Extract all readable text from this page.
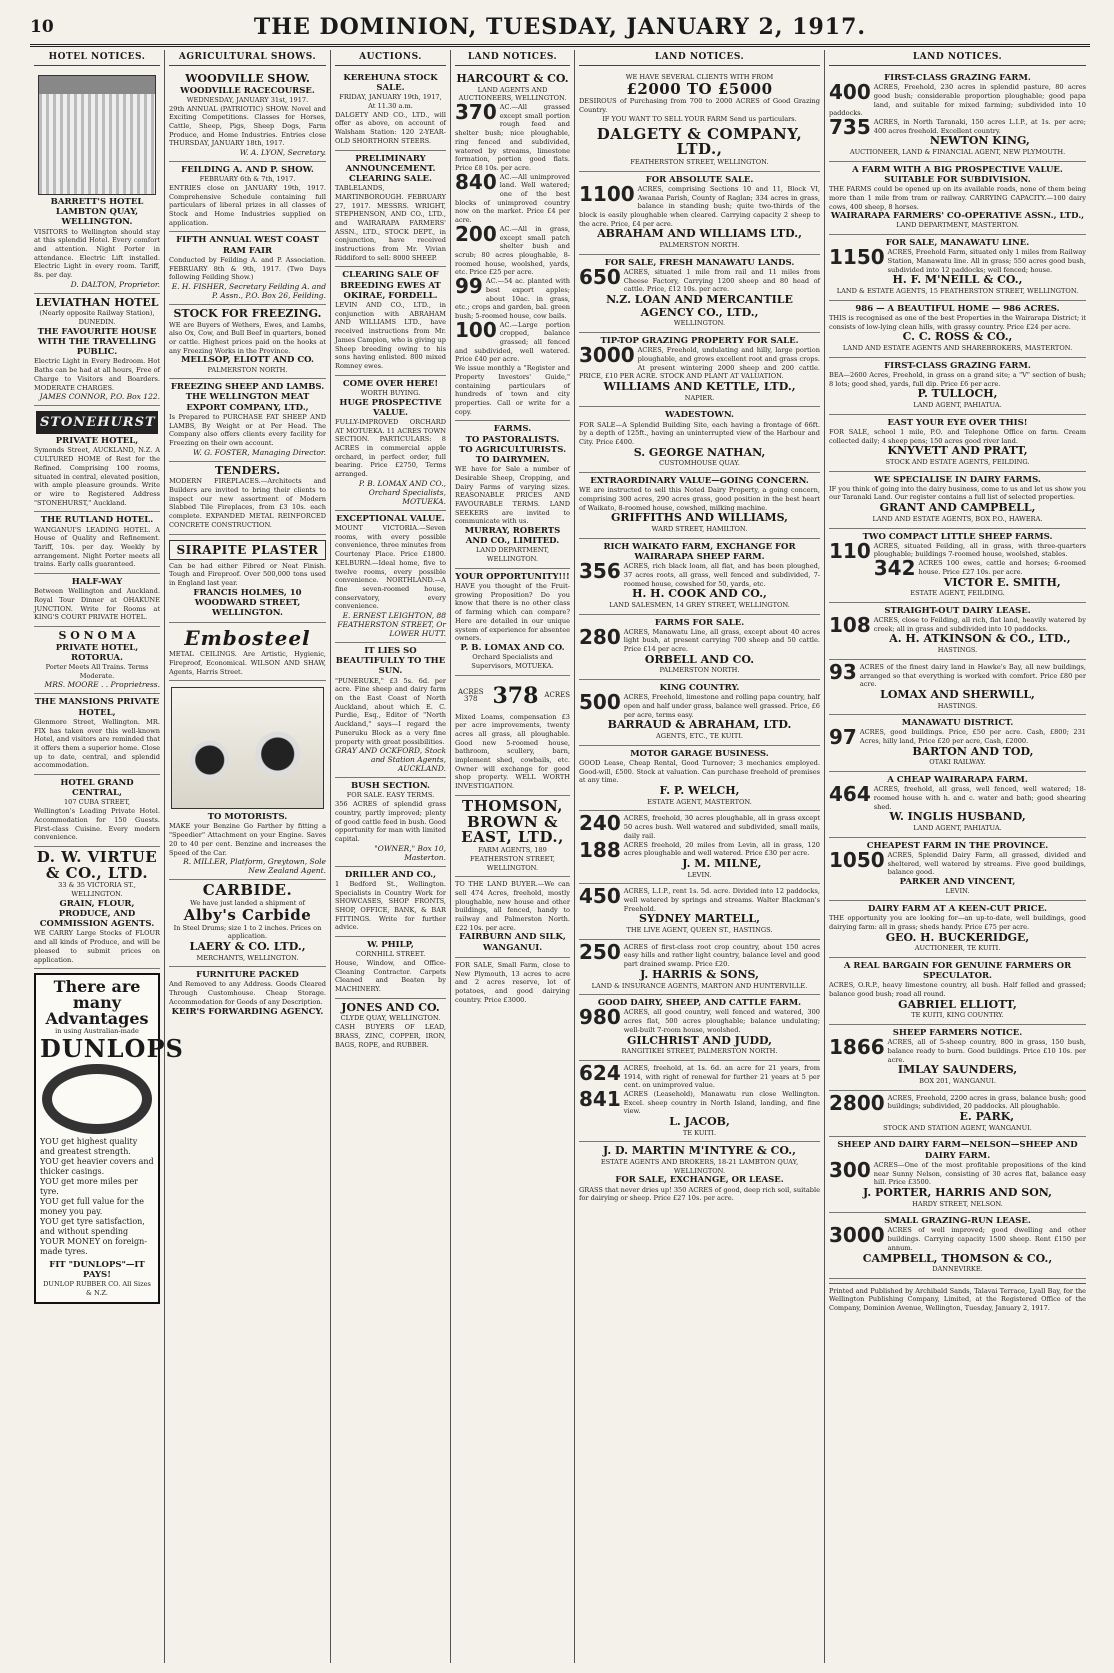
10	THE DOMINION, TUESDAY, JANUARY 2, 1917.
HOTEL NOTICES.
BARRETT'S HOTEL
LAMBTON QUAY, WELLINGTON.
VISITORS to Wellington should stay at this splendid Hotel. Every comfort and attention. Night Porter in attendance. Electric Lift installed. Electric Light in every room. Tariff, 8s. per day.
D. DALTON, Proprietor.
LEVIATHAN HOTEL
(Nearly opposite Railway Station), DUNEDIN.
THE FAVOURITE HOUSE WITH THE TRAVELLING PUBLIC.
Electric Light in Every Bedroom. Hot Baths can be had at all hours, Free of Charge to Visitors and Boarders. MODERATE CHARGES.
JAMES CONNOR, P.O. Box 122.
STONEHURST
PRIVATE HOTEL,
Symonds Street, AUCKLAND, N.Z. A CULTURED HOME of Rest for the Refined. Comprising 100 rooms, situated in central, elevated position, with ample pleasure grounds. Write or wire to Registered Address "STONEHURST," Auckland.
THE RUTLAND HOTEL.
WANGANUI'S LEADING HOTEL. A House of Quality and Refinement. Tariff, 10s. per day. Weekly by arrangement. Night Porter meets all trains. Early calls guaranteed.
HALF-WAY
Between Wellington and Auckland. Royal Tour Dinner at OHAKUNE JUNCTION. Write for Rooms at KING'S COURT PRIVATE HOTEL.
S O N O M A
PRIVATE HOTEL, ROTORUA.
Porter Meets All Trains. Terms Moderate.
MRS. MOORE . . Proprietress.
THE MANSIONS PRIVATE HOTEL,
Glenmore Street, Wellington. MR. FIX has taken over this well-known Hotel, and visitors are reminded that it offers them a superior home. Close up to date, central, and splendid accommodation.
HOTEL GRAND CENTRAL,
107 CUBA STREET,
Wellington's Leading Private Hotel. Accommodation for 150 Guests. First-class Cuisine. Every modern convenience.
D. W. VIRTUE & CO., LTD.
33 & 35 VICTORIA ST., WELLINGTON.
GRAIN, FLOUR, PRODUCE, AND COMMISSION AGENTS.
WE CARRY Large Stocks of FLOUR and all kinds of Produce, and will be pleased to submit prices on application.
There are many Advantages
in using Australian-made
DUNLOPS
YOU get highest quality and greatest strength.
YOU get heavier covers and thicker casings.
YOU get more miles per tyre.
YOU get full value for the money you pay.
YOU get tyre satisfaction, and without spending YOUR MONEY on foreign-made tyres.
FIT "DUNLOPS"—IT PAYS!
DUNLOP RUBBER CO. All Sizes & N.Z.
AGRICULTURAL SHOWS.
WOODVILLE SHOW.
WOODVILLE RACECOURSE.
WEDNESDAY, JANUARY 31st, 1917.
29th ANNUAL (PATRIOTIC) SHOW. Novel and Exciting Competitions. Classes for Horses, Cattle, Sheep, Pigs, Sheep Dogs, Farm Produce, and Home Industries. Entries close THURSDAY, JANUARY 18th, 1917.
W. A. LYON, Secretary.
FEILDING A. AND P. SHOW.
FEBRUARY 6th & 7th, 1917.
ENTRIES close on JANUARY 19th, 1917. Comprehensive Schedule containing full particulars of liberal prizes in all classes of Stock and Home Industries supplied on application.
FIFTH ANNUAL WEST COAST RAM FAIR
Conducted by Feilding A. and P. Association. FEBRUARY 8th & 9th, 1917. (Two Days following Feilding Show.)
E. H. FISHER, Secretary Feilding A. and P. Assn., P.O. Box 26, Feilding.
STOCK FOR FREEZING.
WE are Buyers of Wethers, Ewes, and Lambs, also Ox, Cow, and Bull Beef in quarters, boned or cattle. Highest prices paid on the hooks at any Freezing Works in the Province.
MELLSOP, ELIOTT AND CO.
PALMERSTON NORTH.
FREEZING SHEEP AND LAMBS.
THE WELLINGTON MEAT EXPORT COMPANY, LTD.,
Is Prepared to PURCHASE FAT SHEEP AND LAMBS, By Weight or at Per Head. The Company also offers clients every facility for Freezing on their own account.
W. G. FOSTER, Managing Director.
TENDERS.
MODERN FIREPLACES.—Architects and Builders are invited to bring their clients to inspect our new assortment of Modern Slabbed Tile Fireplaces, from £3 10s. each complete. EXPANDED METAL REINFORCED CONCRETE CONSTRUCTION.
SIRAPITE PLASTER
Can be had either Fibred or Neat Finish. Tough and Fireproof. Over 500,000 tons used in England last year.
FRANCIS HOLMES, 10 WOODWARD STREET, WELLINGTON.
Embosteel
METAL CEILINGS. Are Artistic, Hygienic, Fireproof, Economical. WILSON AND SHAW, Agents, Harris Street.
TO MOTORISTS.
MAKE your Benzine Go Farther by fitting a "Speedier" Attachment on your Engine. Saves 20 to 40 per cent. Benzine and increases the Speed of the Car.
R. MILLER, Platform, Greytown, Sole New Zealand Agent.
CARBIDE.
We have just landed a shipment of
Alby's Carbide
In Steel Drums; size 1 to 2 inches. Prices on application.
LAERY & CO. LTD.,
MERCHANTS, WELLINGTON.
FURNITURE PACKED
And Removed to any Address. Goods Cleared Through Customhouse. Cheap Storage. Accommodation for Goods of any Description.
KEIR'S FORWARDING AGENCY.
AUCTIONS.
KEREHUNA STOCK SALE.
FRIDAY, JANUARY 19th, 1917, At 11.30 a.m.
DALGETY AND CO., LTD., will offer as above, on account of Walsham Station: 120 2-YEAR-OLD SHORTHORN STEERS.
PRELIMINARY ANNOUNCEMENT.
CLEARING SALE.
TABLELANDS, MARTINBOROUGH. FEBRUARY 27, 1917. MESSRS. WRIGHT, STEPHENSON, AND CO., LTD., and WAIRARAPA FARMERS' ASSN., LTD., STOCK DEPT., in conjunction, have received instructions from Mr. Vivian Riddiford to sell: 8000 SHEEP.
CLEARING SALE OF BREEDING EWES AT OKIRAE, FORDELL.
LEVIN AND CO., LTD., in conjunction with ABRAHAM AND WILLIAMS LTD., have received instructions from Mr. James Campion, who is giving up Sheep breeding owing to his sons having enlisted. 800 mixed Romney ewes.
COME OVER HERE!
WORTH BUYING.
HUGE PROSPECTIVE VALUE.
FULLY-IMPROVED ORCHARD AT MOTUEKA. 11 ACRES TOWN SECTION. PARTICULARS: 8 ACRES in commercial apple orchard, in perfect order, full bearing. Price £2750, Terms arranged.
P. B. LOMAX AND CO., Orchard Specialists, MOTUEKA.
EXCEPTIONAL VALUE.
MOUNT VICTORIA.—Seven rooms, with every possible convenience, three minutes from Courtenay Place. Price £1800. KELBURN.—Ideal home, five to twelve rooms, every possible convenience. NORTHLAND.—A fine seven-roomed house, conservatory, every convenience.
E. ERNEST LEIGHTON, 88 FEATHERSTON STREET, Or LOWER HUTT.
IT LIES SO BEAUTIFULLY TO THE SUN.
"PUNERUKE," £3 5s. 6d. per acre. Fine sheep and dairy farm on the East Coast of North Auckland, about which E. C. Purdie, Esq., Editor of "North Auckland," says—I regard the Puneruku Block as a very fine property with great possibilities.
GRAY AND OCKFORD, Stock and Station Agents, AUCKLAND.
BUSH SECTION.
FOR SALE. EASY TERMS.
356 ACRES of splendid grass country, partly improved; plenty of good cattle feed in bush. Good opportunity for man with limited capital.
"OWNER," Box 10, Masterton.
DRILLER AND CO.,
1 Bedford St., Wellington. Specialists in Country Work for SHOWCASES, SHOP FRONTS, SHOP, OFFICE, BANK, & BAR FITTINGS. Write for further advice.
W. PHILP,
CORNHILL STREET.
House, Window, and Office-Cleaning Contractor. Carpets Cleaned and Beaten by MACHINERY.
JONES AND CO.
CLYDE QUAY, WELLINGTON.
CASH BUYERS OF LEAD, BRASS, ZINC, COPPER, IRON, BAGS, ROPE, and RUBBER.
LAND NOTICES.
HARCOURT & CO.
LAND AGENTS AND AUCTIONEERS, WELLINGTON.
370 AC.—All grassed except small portion rough feed and shelter bush; nice ploughable, ring fenced and subdivided, watered by streams, limestone formation, portion good flats. Price £8 10s. per acre.
840 AC.—All unimproved land. Well watered; one of the best blocks of unimproved country now on the market. Price £4 per acre.
200 AC.—All in grass, except small patch shelter bush and scrub; 80 acres ploughable, 8-roomed house, woolshed, yards, etc. Price £25 per acre.
99 AC.—54 ac. planted with best export apples; about 10ac. in grass, etc.; crops and garden, bal. green bush; 5-roomed house, cow bails.
100 AC.—Large portion cropped, balance grassed; all fenced and subdivided, well watered. Price £40 per acre.
We issue monthly a "Register and Property Investors' Guide," containing particulars of hundreds of town and city properties. Call or write for a copy.
FARMS.
TO PASTORALISTS.
TO AGRICULTURISTS.
TO DAIRYMEN.
WE have for Sale a number of Desirable Sheep, Cropping, and Dairy Farms of varying sizes. REASONABLE PRICES AND FAVOURABLE TERMS. LAND SEEKERS are invited to communicate with us.
MURRAY, ROBERTS AND CO., LIMITED.
LAND DEPARTMENT, WELLINGTON.
YOUR OPPORTUNITY!!!
HAVE you thought of the Fruit-growing Proposition? Do you know that there is no other class of farming which can compare? Here are detailed in our unique system of experience for absentee owners.
P. B. LOMAX AND CO.
Orchard Specialists and Supervisors, MOTUEKA.
ACRES 378 378 ACRES
Mixed Loams, compensation £3 per acre improvements, twenty acres all grass, all ploughable. Good new 5-roomed house, bathroom, scullery, barn, implement shed, cowbails, etc. Owner will exchange for good shop property. WELL WORTH INVESTIGATION.
THOMSON, BROWN & EAST, LTD.,
FARM AGENTS, 189 FEATHERSTON STREET, WELLINGTON.
TO THE LAND BUYER.—We can sell 474 Acres, freehold, mostly ploughable, new house and other buildings, all fenced, handy to railway and Palmerston North. £22 10s. per acre.
FAIRBURN AND SILK, WANGANUI.
FOR SALE, Small Farm, close to New Plymouth, 13 acres to acre and 2 acres reserve, lot of potatoes, and good dairying country. Price £3000.
LAND NOTICES.
WE HAVE SEVERAL CLIENTS WITH FROM
£2000 TO £5000
DESIROUS of Purchasing from 700 to 2000 ACRES of Good Grazing Country.
IF YOU WANT TO SELL YOUR FARM Send us particulars.
DALGETY & COMPANY, LTD.,
FEATHERSTON STREET, WELLINGTON.
FOR ABSOLUTE SALE.
1100 ACRES, comprising Sections 10 and 11, Block VI, Awanaa Parish, County of Raglan; 334 acres in grass, balance in standing bush; quite two-thirds of the block is easily ploughable when cleared. Carrying capacity 2 sheep to the acre. Price, £4 per acre.
ABRAHAM AND WILLIAMS LTD.,
PALMERSTON NORTH.
FOR SALE, FRESH MANAWATU LANDS.
650 ACRES, situated 1 mile from rail and 11 miles from Cheese Factory, Carrying 1200 sheep and 80 head of cattle. Price, £12 10s. per acre.
N.Z. LOAN AND MERCANTILE AGENCY CO., LTD.,
WELLINGTON.
TIP-TOP GRAZING PROPERTY FOR SALE.
3000 ACRES, Freehold, undulating and hilly, large portion ploughable, and grows excellent root and grass crops. At present wintering 2000 sheep and 200 cattle. PRICE, £10 PER ACRE. STOCK AND PLANT AT VALUATION.
WILLIAMS AND KETTLE, LTD.,
NAPIER.
WADESTOWN.
FOR SALE—A Splendid Building Site, each having a frontage of 66ft. by a depth of 125ft., having an uninterrupted view of the Harbour and City. Price £400.
S. GEORGE NATHAN,
CUSTOMHOUSE QUAY.
EXTRAORDINARY VALUE—GOING CONCERN.
WE are instructed to sell this Noted Dairy Property, a going concern, comprising 300 acres, 290 acres grass, good position in the best heart of Waikato, 8-roomed house, cowshed, milking machine.
GRIFFITHS AND WILLIAMS,
WARD STREET, HAMILTON.
RICH WAIKATO FARM, EXCHANGE FOR WAIRARAPA SHEEP FARM.
356 ACRES, rich black loam, all flat, and has been ploughed, 37 acres roots, all grass, well fenced and subdivided, 7-roomed house, cowshed for 50, yards, etc.
H. H. COOK AND CO.,
LAND SALESMEN, 14 GREY STREET, WELLINGTON.
FARMS FOR SALE.
280 ACRES, Manawatu Line, all grass, except about 40 acres light bush, at present carrying 700 sheep and 50 cattle. Price £14 per acre.
ORBELL AND CO.
PALMERSTON NORTH.
KING COUNTRY.
500 ACRES, Freehold, limestone and rolling papa country, half open and half under grass, balance well grassed. Price, £6 per acre, terms easy.
BARRAUD & ABRAHAM, LTD.
AGENTS, ETC., TE KUITI.
MOTOR GARAGE BUSINESS.
GOOD Lease, Cheap Rental, Good Turnover; 3 mechanics employed. Good-will, £500. Stock at valuation. Can purchase freehold of premises at any time.
F. P. WELCH,
ESTATE AGENT, MASTERTON.
240 ACRES, freehold, 30 acres ploughable, all in grass except 50 acres bush. Well watered and subdivided, small mails, daily rail.
188 ACRES freehold, 20 miles from Levin, all in grass, 120 acres ploughable and well watered. Price £30 per acre.
J. M. MILNE,
LEVIN.
450 ACRES, L.I.P., rent 1s. 5d. acre. Divided into 12 paddocks, well watered by springs and streams. Walter Blackman's Freehold.
SYDNEY MARTELL,
THE LIVE AGENT, QUEEN ST., HASTINGS.
250 ACRES of first-class root crop country, about 150 acres easy hills and rather light country, balance level and good part drained swamp. Price £20.
J. HARRIS & SONS,
LAND & INSURANCE AGENTS, MARTON AND HUNTERVILLE.
GOOD DAIRY, SHEEP, AND CATTLE FARM.
980 ACRES, all good country, well fenced and watered, 300 acres flat, 500 acres ploughable; balance undulating; well-built 7-room house, woolshed.
GILCHRIST AND JUDD,
RANGITIKEI STREET, PALMERSTON NORTH.
624 ACRES, freehold, at 1s. 6d. an acre for 21 years, from 1914, with right of renewal for further 21 years at 5 per cent. on unimproved value.
841 ACRES (Leasehold), Manawatu run close Wellington. Excel. sheep country in North Island, landing, and fine view.
L. JACOB,
TE KUITI.
J. D. MARTIN M'INTYRE & CO.,
ESTATE AGENTS AND BROKERS, 18-21 LAMBTON QUAY, WELLINGTON.
FOR SALE, EXCHANGE, OR LEASE.
GRASS that never dries up! 350 ACRES of good, deep rich soil, suitable for dairying or sheep. Price £27 10s. per acre.
LAND NOTICES.
FIRST-CLASS GRAZING FARM.
400 ACRES, Freehold, 230 acres in splendid pasture, 80 acres good bush; considerable proportion ploughable; good papa land, and suitable for mixed farming; subdivided into 10 paddocks.
735 ACRES, in North Taranaki, 150 acres L.I.P., at 1s. per acre; 400 acres freehold. Excellent country.
NEWTON KING,
AUCTIONEER, LAND & FINANCIAL AGENT, NEW PLYMOUTH.
A FARM WITH A BIG PROSPECTIVE VALUE. SUITABLE FOR SUBDIVISION.
THE FARMS could be opened up on its available roads, none of them being more than 1 mile from tram or railway. CARRYING CAPACITY.—100 dairy cows, 400 sheep, 8 horses.
WAIRARAPA FARMERS' CO-OPERATIVE ASSN., LTD.,
LAND DEPARTMENT, MASTERTON.
FOR SALE, MANAWATU LINE.
1150 ACRES, Freehold Farm, situated only 1 miles from Railway Station, Manawatu line. All in grass; 550 acres good bush, subdivided into 12 paddocks; well fenced; house.
H. F. M'NEILL & CO.,
LAND & ESTATE AGENTS, 15 FEATHERSTON STREET, WELLINGTON.
986 — A BEAUTIFUL HOME — 986 ACRES.
THIS is recognised as one of the best Properties in the Wairarapa District; it consists of low-lying clean hills, with grassy country. Price £24 per acre.
C. C. ROSS & CO.,
LAND AND ESTATE AGENTS AND SHAREBROKERS, MASTERTON.
FIRST-CLASS GRAZING FARM.
BEA—2600 Acres, Freehold, in grass on a grand site; a "V" section of bush; 8 lots; good shed, yards, full dip. Price £6 per acre.
P. TULLOCH,
LAND AGENT, PAHIATUA.
EAST YOUR EYE OVER THIS!
FOR SALE, school 1 mile, P.O. and Telephone Office on farm. Cream collected daily; 4 sheep pens; 150 acres good river land.
KNYVETT AND PRATT,
STOCK AND ESTATE AGENTS, FEILDING.
WE SPECIALISE IN DAIRY FARMS.
IF you think of going into the dairy business, come to us and let us show you our Taranaki Land. Our register contains a full list of selected properties.
GRANT AND CAMPBELL,
LAND AND ESTATE AGENTS, BOX P.O., HAWERA.
TWO COMPACT LITTLE SHEEP FARMS.
110 ACRES, situated Feilding, all in grass, with three-quarters ploughable; buildings 7-roomed house, woolshed, stables.
342 ACRES 100 ewes, cattle and horses; 6-roomed house. Price £27 10s. per acre.
VICTOR E. SMITH,
ESTATE AGENT, FEILDING.
STRAIGHT-OUT DAIRY LEASE.
108 ACRES, close to Feilding, all rich, flat land, heavily watered by creek; all in grass and subdivided into 10 paddocks.
A. H. ATKINSON & CO., LTD.,
HASTINGS.
93 ACRES of the finest dairy land in Hawke's Bay, all new buildings, arranged so that everything is worked with comfort. Price £80 per acre.
LOMAX AND SHERWILL,
HASTINGS.
MANAWATU DISTRICT.
97 ACRES, good buildings. Price, £50 per acre. Cash, £800; 231 Acres, hilly land, Price £20 per acre, Cash, £2000.
BARTON AND TOD,
OTAKI RAILWAY.
A CHEAP WAIRARAPA FARM.
464 ACRES, freehold, all grass, well fenced, well watered; 18-roomed house with h. and c. water and bath; good shearing shed.
W. INGLIS HUSBAND,
LAND AGENT, PAHIATUA.
CHEAPEST FARM IN THE PROVINCE.
1050 ACRES, Splendid Dairy Farm, all grassed, divided and sheltered, well watered by streams. Five good buildings, balance good.
PARKER AND VINCENT,
LEVIN.
DAIRY FARM AT A KEEN-CUT PRICE.
THE opportunity you are looking for—an up-to-date, well buildings, good dairying farm: all in grass; sheds handy. Price £75 per acre.
GEO. H. BUCKERIDGE,
AUCTIONEER, TE KUITI.
A REAL BARGAIN FOR GENUINE FARMERS OR SPECULATOR.
ACRES, O.R.P., heavy limestone country, all bush. Half felled and grassed; balance good bush; road all round.
GABRIEL ELLIOTT,
TE KUITI, KING COUNTRY.
SHEEP FARMERS NOTICE.
1866 ACRES, all of 5-sheep country, 800 in grass, 150 bush, balance ready to burn. Good buildings. Price £10 10s. per acre.
IMLAY SAUNDERS,
BOX 201, WANGANUI.
2800 ACRES, Freehold, 2200 acres in grass, balance bush; good buildings; subdivided, 20 paddocks. All ploughable.
E. PARK,
STOCK AND STATION AGENT, WANGANUI.
SHEEP AND DAIRY FARM—NELSON—SHEEP AND DAIRY FARM.
300 ACRES—One of the most profitable propositions of the kind near Sunny Nelson, consisting of 30 acres flat, balance easy hill. Price £3500.
J. PORTER, HARRIS AND SON,
HARDY STREET, NELSON.
SMALL GRAZING-RUN LEASE.
3000 ACRES of well improved; good dwelling and other buildings. Carrying capacity 1500 sheep. Rent £150 per annum.
CAMPBELL, THOMSON & CO.,
DANNEVIRKE.
Printed and Published by Archibald Sands, Talavai Terrace, Lyall Bay, for the Wellington Publishing Company, Limited, at the Registered Office of the Company, Dominion Avenue, Wellington, Tuesday, January 2, 1917.
